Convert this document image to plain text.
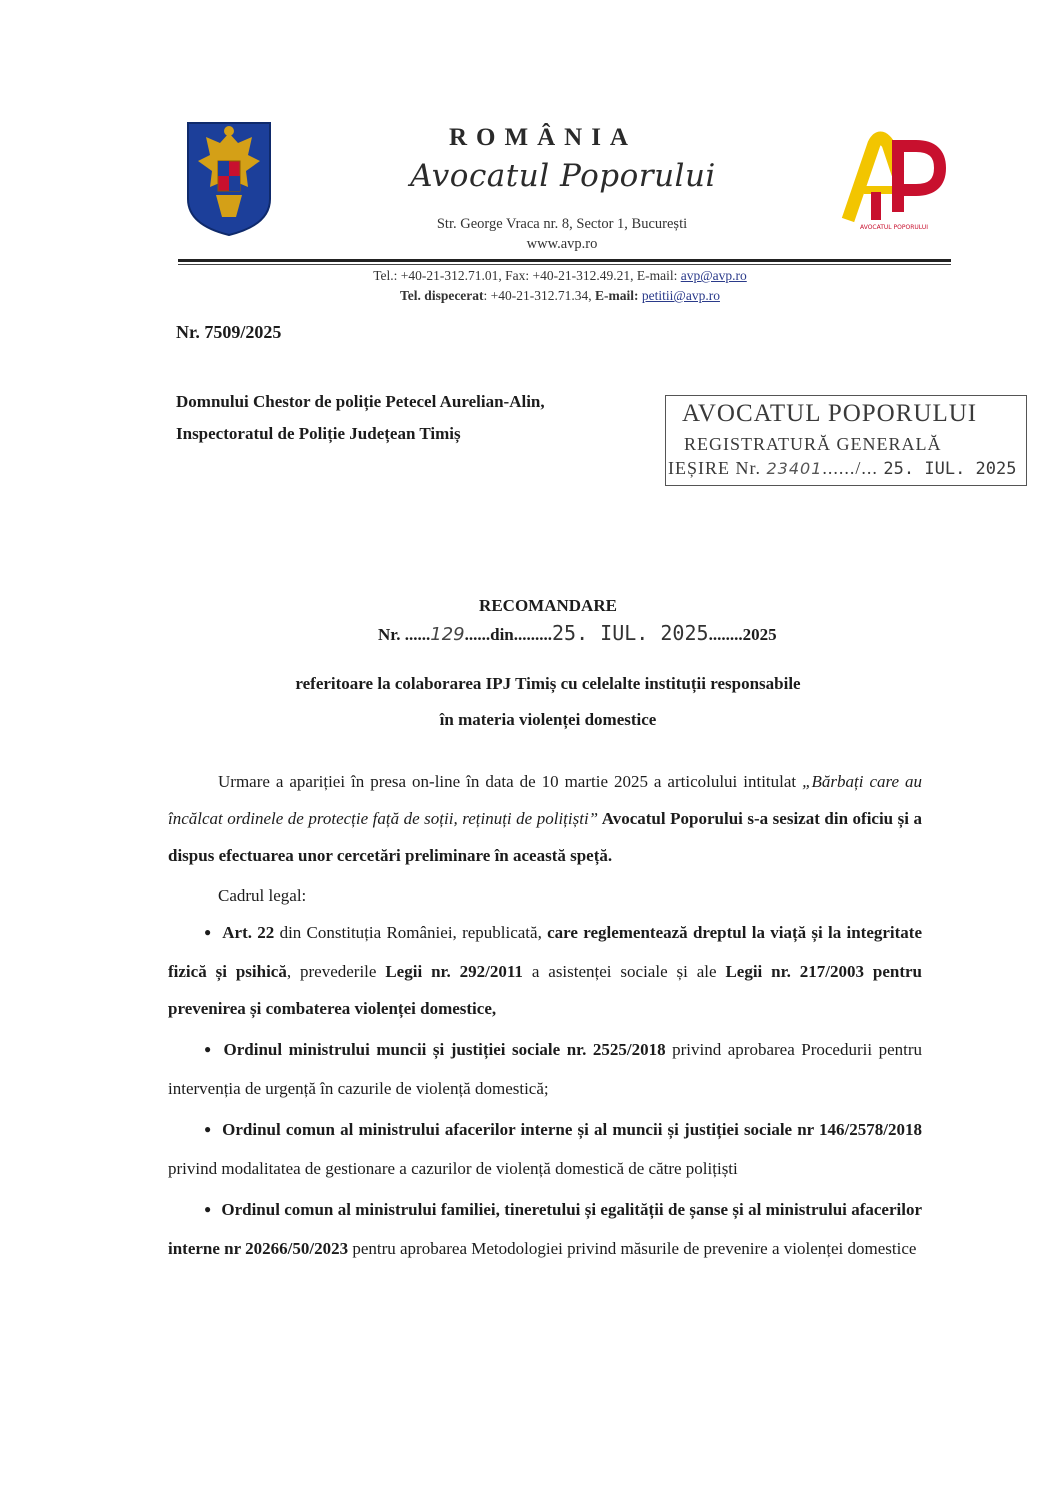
ROMÂNIA
Avocatul Poporului
Str. George Vraca nr. 8, Sector 1, București
www.avp.ro
AVOCATUL POPORULUI
Tel.: +40-21-312.71.01, Fax: +40-21-312.49.21, E-mail: avp@avp.ro
Tel. dispecerat: +40-21-312.71.34, E-mail: petitii@avp.ro
Nr. 7509/2025
Domnului Chestor de poliție Petecel Aurelian-Alin,
Inspectoratul de Poliție Județean Timiș
AVOCATUL POPORULUI
REGISTRATURĂ GENERALĂ
IEȘIRE Nr. 23401....../... 25. IUL. 2025
RECOMANDARE
Nr. ......129......din.........25. IUL. 2025........2025
referitoare la colaborarea IPJ Timiș cu celelalte instituții responsabile
în materia violenței domestice

Urmare a apariției în presa on-line în data de 10 martie 2025 a articolului intitulat „Bărbați care au încălcat ordinele de protecție față de soții, reținuți de polițiști” Avocatul Poporului s-a sesizat din oficiu și a dispus efectuarea unor cercetări preliminare în această speță.

Cadrul legal:

● Art. 22 din Constituția României, republicată, care reglementează dreptul la viață și la integritate fizică și psihică, prevederile Legii nr. 292/2011 a asistenței sociale și ale Legii nr. 217/2003 pentru prevenirea și combaterea violenței domestice,
● Ordinul ministrului muncii și justiției sociale nr. 2525/2018 privind aprobarea Procedurii pentru intervenția de urgență în cazurile de violență domestică;
● Ordinul comun al ministrului afacerilor interne și al muncii și justiției sociale nr 146/2578/2018 privind modalitatea de gestionare a cazurilor de violență domestică de către polițiști
● Ordinul comun al ministrului familiei, tineretului și egalității de șanse și al ministrului afacerilor interne nr 20266/50/2023 pentru aprobarea Metodologiei privind măsurile de prevenire a violenței domestice
